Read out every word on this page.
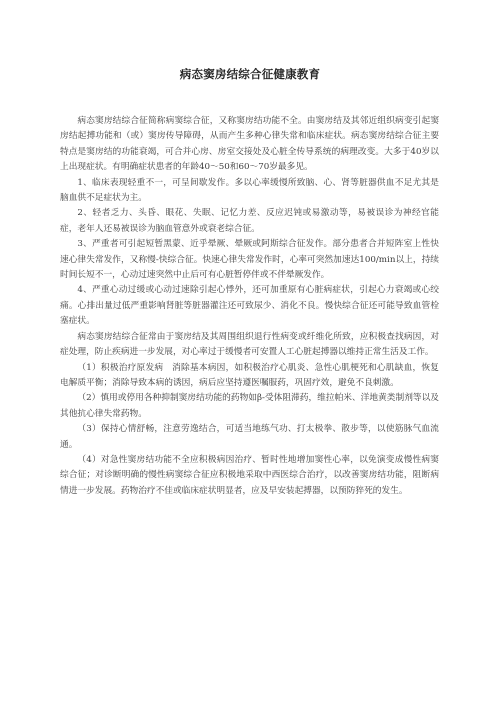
病态窦房结综合征健康教育

病态窦房结综合征简称病窦综合征，又称窦房结功能不全。由窦房结及其邻近组织病变引起窦房结起搏功能和（或）窦房传导障碍，从而产生多种心律失常和临床症状。病态窦房结综合征主要特点是窦房结的功能衰竭，可合并心房、房室交接处及心脏全传导系统的病理改变。大多于40岁以上出现症状。有明确症状患者的年龄40～50和60～70岁最多见。

1、临床表现轻重不一，可呈间歇发作。多以心率缓慢所致脑、心、肾等脏器供血不足尤其是脑血供不足症状为主。

2、轻者乏力、头昏、眼花、失眠、记忆力差、反应迟钝或易激动等，易被误诊为神经官能症，老年人还易被误诊为脑血管意外或衰老综合征。

3、严重者可引起短暂黑蒙、近乎晕厥、晕厥或阿斯综合征发作。部分患者合并短阵室上性快速心律失常发作，又称慢-快综合征。快速心律失常发作时，心率可突然加速达100/min以上，持续时间长短不一，心动过速突然中止后可有心脏暂停伴或不伴晕厥发作。

4、严重心动过缓或心动过速除引起心悸外，还可加重原有心脏病症状，引起心力衰竭或心绞痛。心排出量过低严重影响肾脏等脏器灌注还可致尿少、消化不良。慢快综合征还可能导致血管栓塞症状。

病态窦房结综合征常由于窦房结及其周围组织退行性病变或纤维化所致，应积极查找病因，对症处理，防止疾病进一步发展，对心率过于缓慢者可安置人工心脏起搏器以维持正常生活及工作。

（1）积极治疗原发病　消除基本病因，如积极治疗心肌炎、急性心肌梗死和心肌缺血，恢复电解质平衡；消除导致本病的诱因，病后应坚持遵医嘱服药，巩固疗效，避免不良刺激。

（2）慎用或停用各种抑制窦房结功能的药物如β-受体阻滞药，维拉帕米、洋地黄类制剂等以及其他抗心律失常药物。

（3）保持心情舒畅，注意劳逸结合，可适当地练气功、打太极拳、散步等，以使筋脉气血流通。

（4）对急性窦房结功能不全应积极病因治疗、暂时性地增加窦性心率，以免演变成慢性病窦综合征；对诊断明确的慢性病窦综合征应积极地采取中西医综合治疗，以改善窦房结功能，阻断病情进一步发展。药物治疗不佳或临床症状明显者，应及早安装起搏器，以预防猝死的发生。
